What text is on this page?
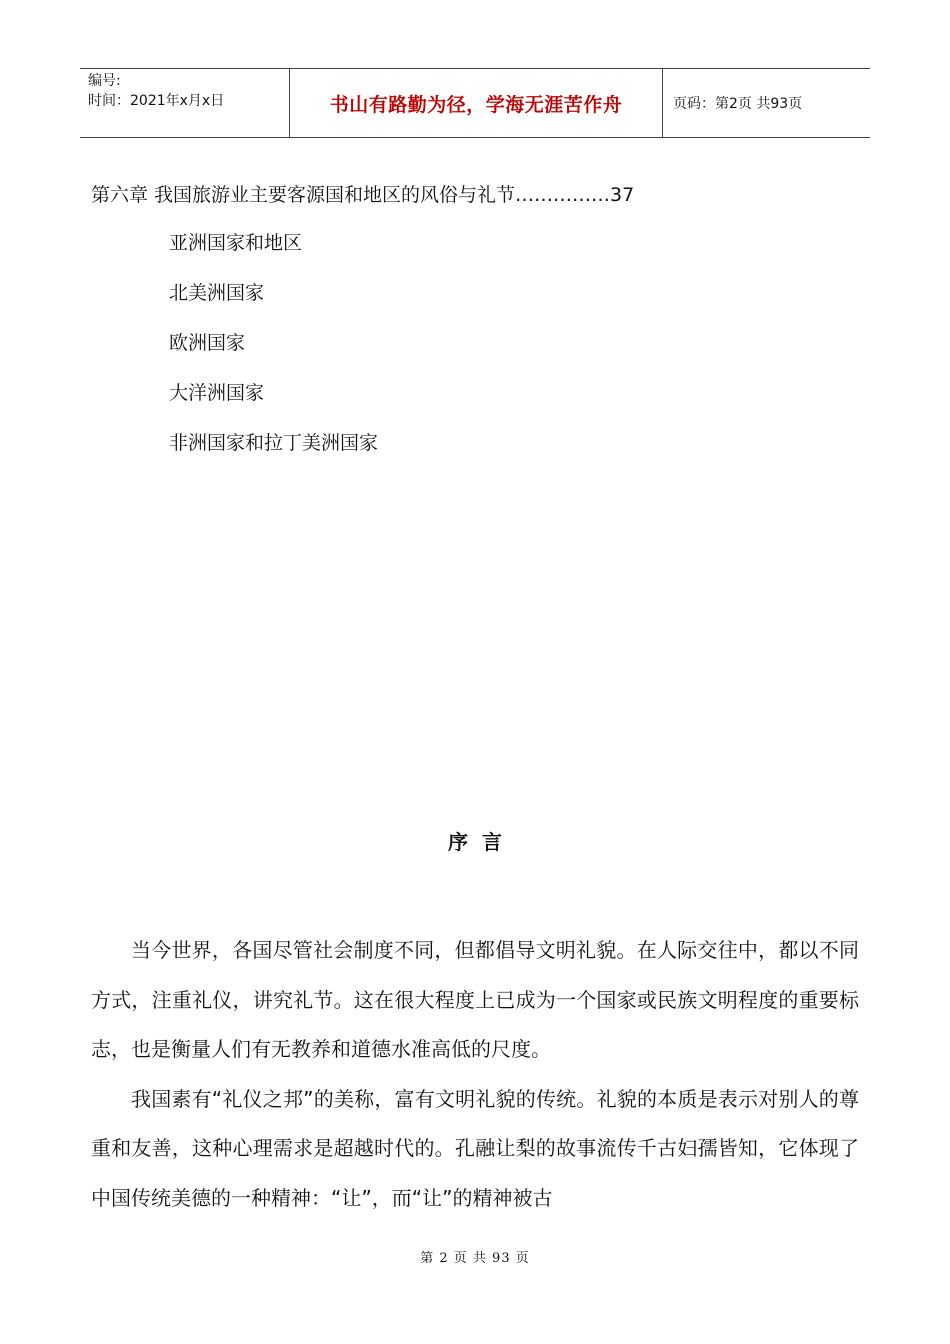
编号:
时间：2021年x月x日	书山有路勤为径，学海无涯苦作舟	页码：第2页 共93页
第六章 我国旅游业主要客源国和地区的风俗与礼节……………37
亚洲国家和地区
北美洲国家
欧洲国家
大洋洲国家
非洲国家和拉丁美洲国家
序言

当今世界，各国尽管社会制度不同，但都倡导文明礼貌。在人际交往中，都以不同方式，注重礼仪，讲究礼节。这在很大程度上已成为一个国家或民族文明程度的重要标志，也是衡量人们有无教养和道德水准高低的尺度。

我国素有“礼仪之邦”的美称，富有文明礼貌的传统。礼貌的本质是表示对别人的尊重和友善，这种心理需求是超越时代的。孔融让梨的故事流传千古妇孺皆知，它体现了中国传统美德的一种精神：“让”，而“让”的精神被古

第 2 页 共 93 页
